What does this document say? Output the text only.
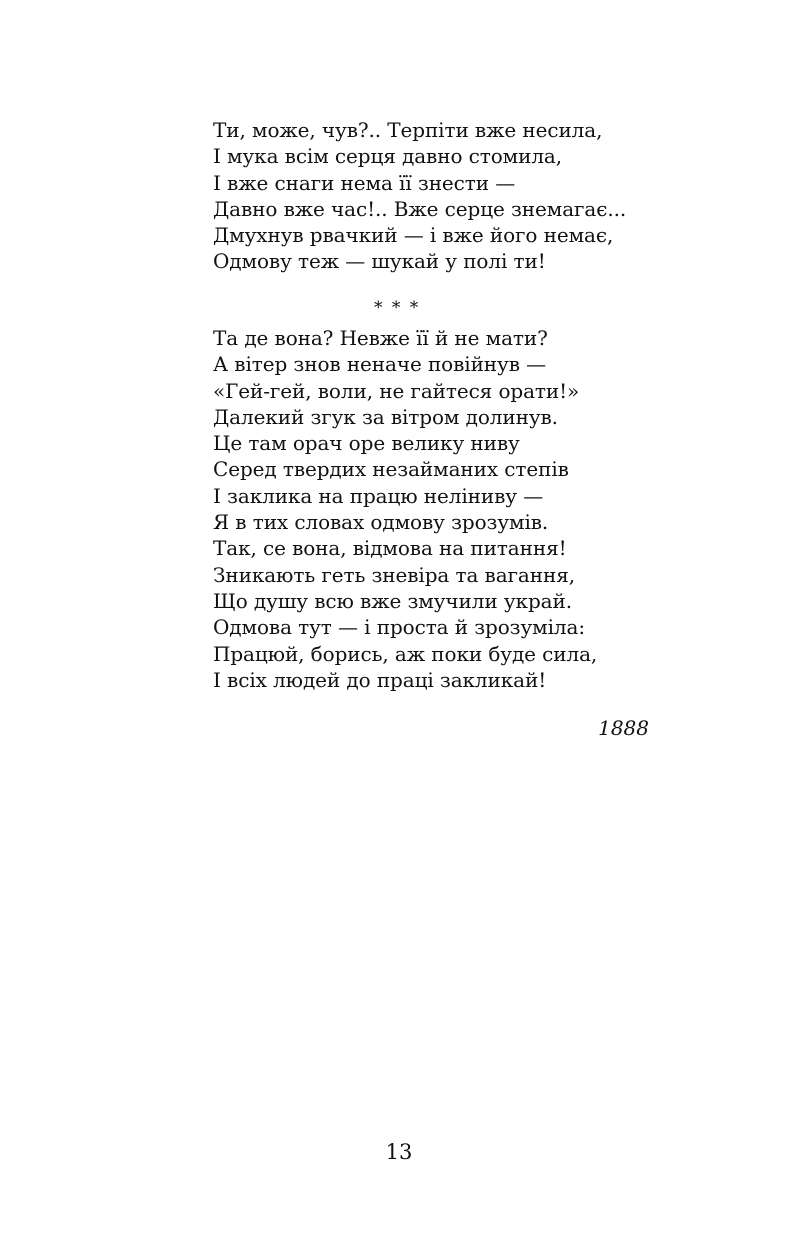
Ти, може, чув?.. Терпіти вже несила,
І мука всім серця давно стомила,
І вже снаги нема її знести —
Давно вже час!.. Вже серце знемагає...
Дмухнув рвачкий — і вже його немає,
Одмову теж — шукай у полі ти!
* * *
Та де вона? Невже її й не мати?
А вітер знов неначе повійнув —
«Гей-гей, воли, не гайтеся орати!»
Далекий згук за вітром долинув.
Це там орач оре велику ниву
Серед твердих незайманих степів
І заклика на працю неліниву —
Я в тих словах одмову зрозумів.
Так, се вона, відмова на питання!
Зникають геть зневіра та вагання,
Що душу всю вже змучили украй.
Одмова тут — і проста й зрозуміла:
Працюй, борись, аж поки буде сила,
І всіх людей до праці закликай!
1888
13
